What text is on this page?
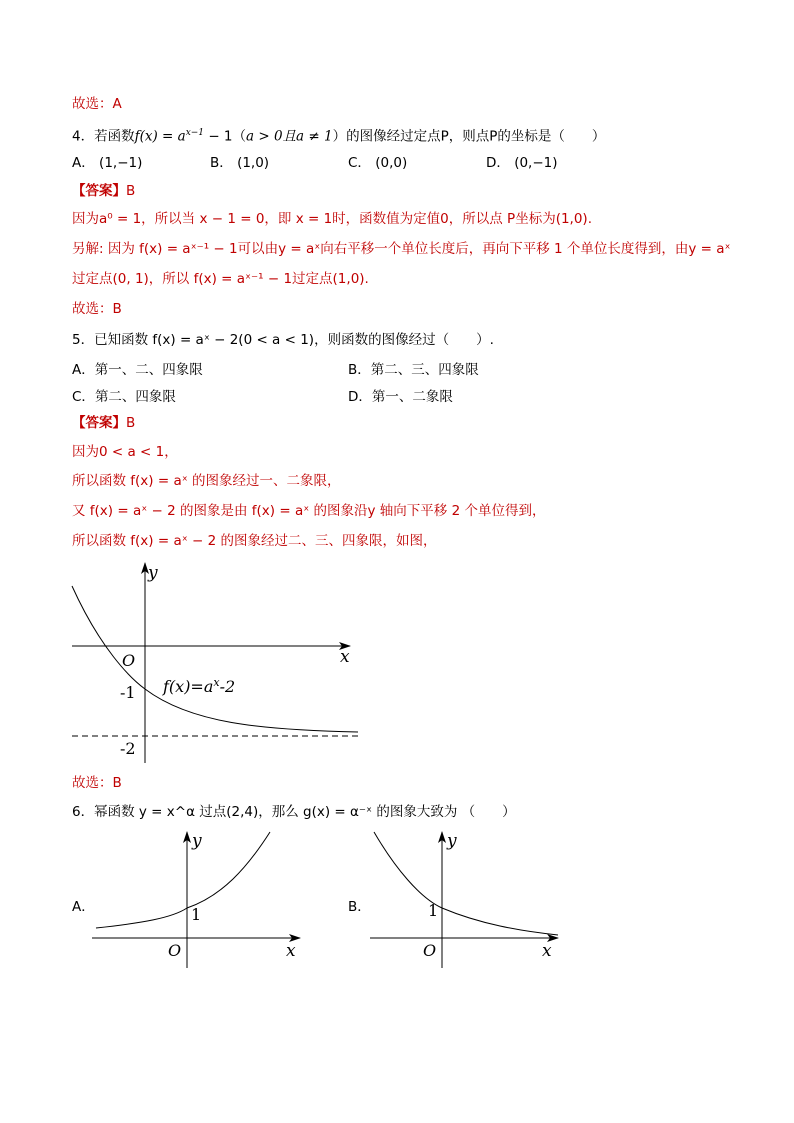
故选：A
4．若函数$f(x) = a^{x-1} - 1(a > 0$且a ≠ 1）的图像经过定点P，则点P的坐标是（　　）
A． (1,−1)	B． (1,0)	C． (0,0)	D． (0,−1)
【答案】B
因为a⁰ = 1，所以当 x − 1 = 0，即 x = 1时，函数值为定值0，所以点 P坐标为(1,0).
另解: 因为 f(x) = aˣ⁻¹ − 1可以由y = aˣ向右平移一个单位长度后，再向下平移 1 个单位长度得到，由y = aˣ
过定点(0, 1)，所以 f(x) = aˣ⁻¹ − 1过定点(1,0).
故选：B
5．已知函数 f(x) = aˣ − 2(0 < a < 1)，则函数的图像经过（　　）.
A．第一、二、四象限	B．第二、三、四象限
C．第二、四象限	D．第一、二象限
【答案】B
因为0 < a < 1，
所以函数 f(x) = aˣ 的图象经过一、二象限，
又 f(x) = aˣ − 2 的图象是由 f(x) = aˣ 的图象沿y 轴向下平移 2 个单位得到，
所以函数 f(x) = aˣ − 2 的图象经过二、三、四象限，如图，
y
x
O
-1
-2
$f(x)=a^x-2$
故选：B
6．幂函数 y = x^α 过点(2,4)，那么 g(x) = α⁻ˣ 的图象大致为 （　　）
A．
y
x
O
1	B．
y
x
O
1
